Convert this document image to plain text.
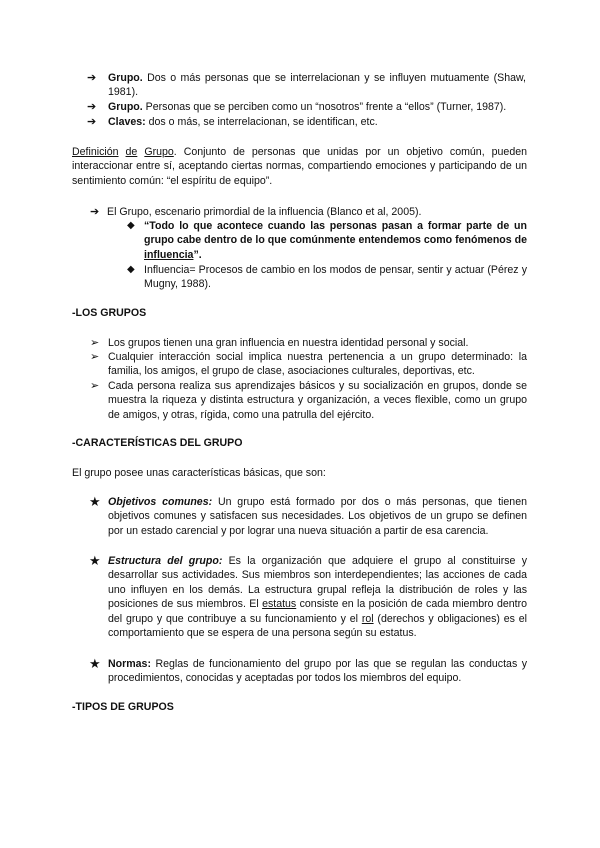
➔ Grupo. Dos o más personas que se interrelacionan y se influyen mutuamente (Shaw, 1981).
➔ Grupo. Personas que se perciben como un “nosotros” frente a “ellos” (Turner, 1987).
➔ Claves: dos o más, se interrelacionan, se identifican, etc.
Definición de Grupo. Conjunto de personas que unidas por un objetivo común, pueden interaccionar entre sí, aceptando ciertas normas, compartiendo emociones y participando de un sentimiento común: “el espíritu de equipo”.
➔ El Grupo, escenario primordial de la influencia (Blanco et al, 2005).
◆ “Todo lo que acontece cuando las personas pasan a formar parte de un grupo cabe dentro de lo que comúnmente entendemos como fenómenos de influencia”.
◆ Influencia= Procesos de cambio en los modos de pensar, sentir y actuar (Pérez y Mugny, 1988).
-LOS GRUPOS
➢ Los grupos tienen una gran influencia en nuestra identidad personal y social.
➢ Cualquier interacción social implica nuestra pertenencia a un grupo determinado: la familia, los amigos, el grupo de clase, asociaciones culturales, deportivas, etc.
➢ Cada persona realiza sus aprendizajes básicos y su socialización en grupos, donde se muestra la riqueza y distinta estructura y organización, a veces flexible, como un grupo de amigos, y otras, rígida, como una patrulla del ejército.
-CARACTERÍSTICAS DEL GRUPO
El grupo posee unas características básicas, que son:
★ Objetivos comunes: Un grupo está formado por dos o más personas, que tienen objetivos comunes y satisfacen sus necesidades. Los objetivos de un grupo se definen por un estado carencial y por lograr una nueva situación a partir de esa carencia.
★ Estructura del grupo: Es la organización que adquiere el grupo al constituirse y desarrollar sus actividades. Sus miembros son interdependientes; las acciones de cada uno influyen en los demás. La estructura grupal refleja la distribución de roles y las posiciones de sus miembros. El estatus consiste en la posición de cada miembro dentro del grupo y que contribuye a su funcionamiento y el rol (derechos y obligaciones) es el comportamiento que se espera de una persona según su estatus.
★ Normas: Reglas de funcionamiento del grupo por las que se regulan las conductas y procedimientos, conocidas y aceptadas por todos los miembros del equipo.
-TIPOS DE GRUPOS
